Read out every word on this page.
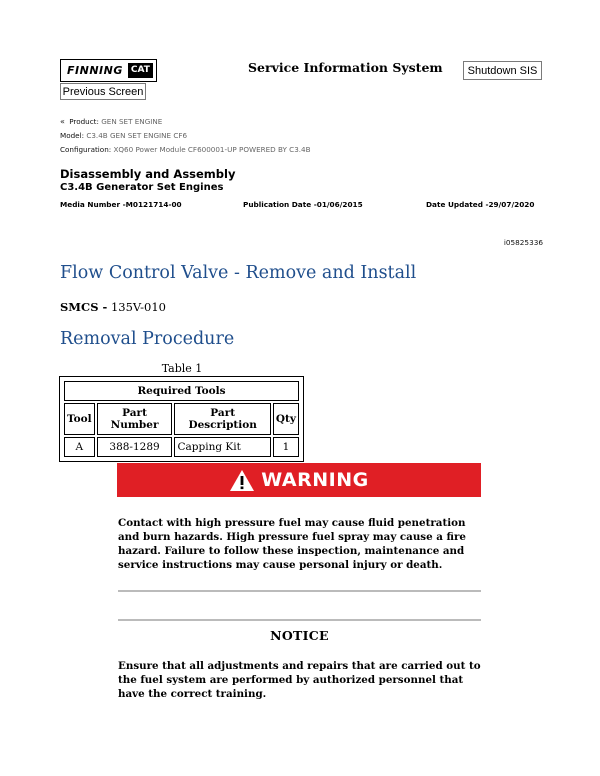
FINNING CAT	Service Information System	Shutdown SIS
Previous Screen
« Product: GEN SET ENGINE
Model: C3.4B GEN SET ENGINE CF6
Configuration: XQ60 Power Module CF600001-UP POWERED BY C3.4B
Disassembly and Assembly
C3.4B Generator Set Engines
Media Number -M0121714-00	Publication Date -01/06/2015	Date Updated -29/07/2020
i05825336
Flow Control Valve - Remove and Install
SMCS - 135V-010
Removal Procedure
Table 1
Required Tools			
Tool	Part Number	Part Description	Qty
A	388-1289	Capping Kit	1
WARNING
Contact with high pressure fuel may cause fluid penetration and burn hazards. High pressure fuel spray may cause a fire hazard. Failure to follow these inspection, maintenance and service instructions may cause personal injury or death.
NOTICE
Ensure that all adjustments and repairs that are carried out to the fuel system are performed by authorized personnel that have the correct training.
